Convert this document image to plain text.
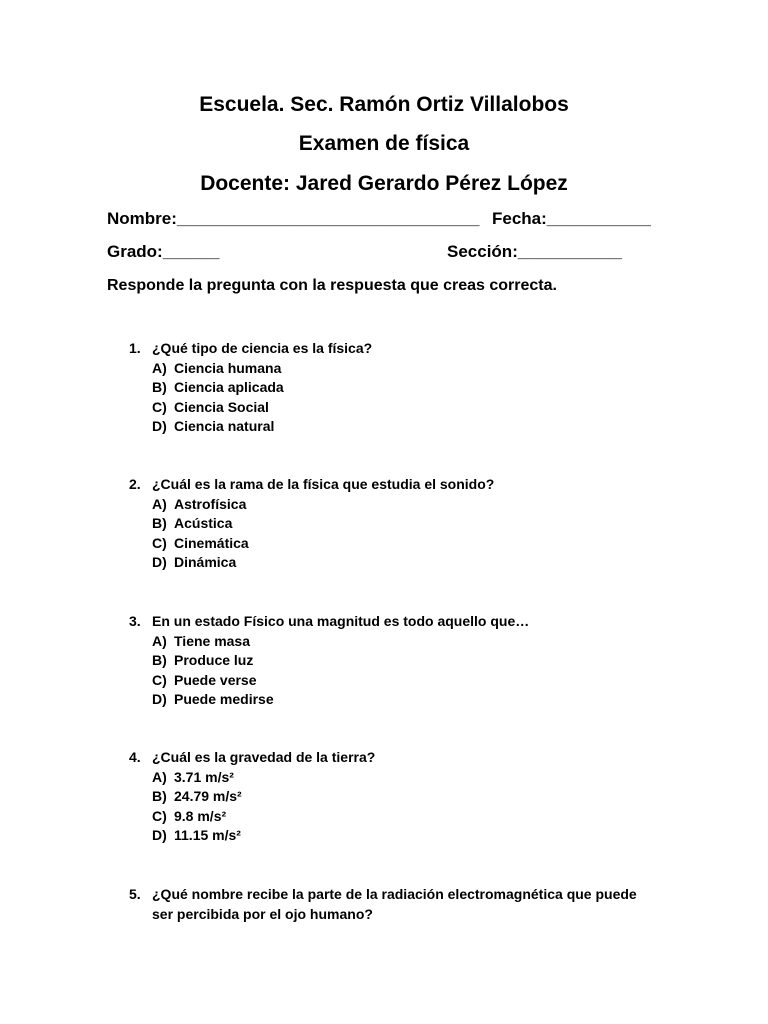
Escuela. Sec. Ramón Ortiz Villalobos
Examen de física
Docente: Jared Gerardo Pérez López
Nombre:________________________________ Fecha:___________
Grado:______	Sección:___________
Responde la pregunta con la respuesta que creas correcta.
1. ¿Qué tipo de ciencia es la física?
A) Ciencia humana
B) Ciencia aplicada
C) Ciencia Social
D) Ciencia natural
2. ¿Cuál es la rama de la física que estudia el sonido?
A) Astrofísica
B) Acústica
C) Cinemática
D) Dinámica
3. En un estado Físico una magnitud es todo aquello que…
A) Tiene masa
B) Produce luz
C) Puede verse
D) Puede medirse
4. ¿Cuál es la gravedad de la tierra?
A) 3.71 m/s²
B) 24.79 m/s²
C) 9.8 m/s²
D) 11.15 m/s²
5. ¿Qué nombre recibe la parte de la radiación electromagnética que puede ser percibida por el ojo humano?
